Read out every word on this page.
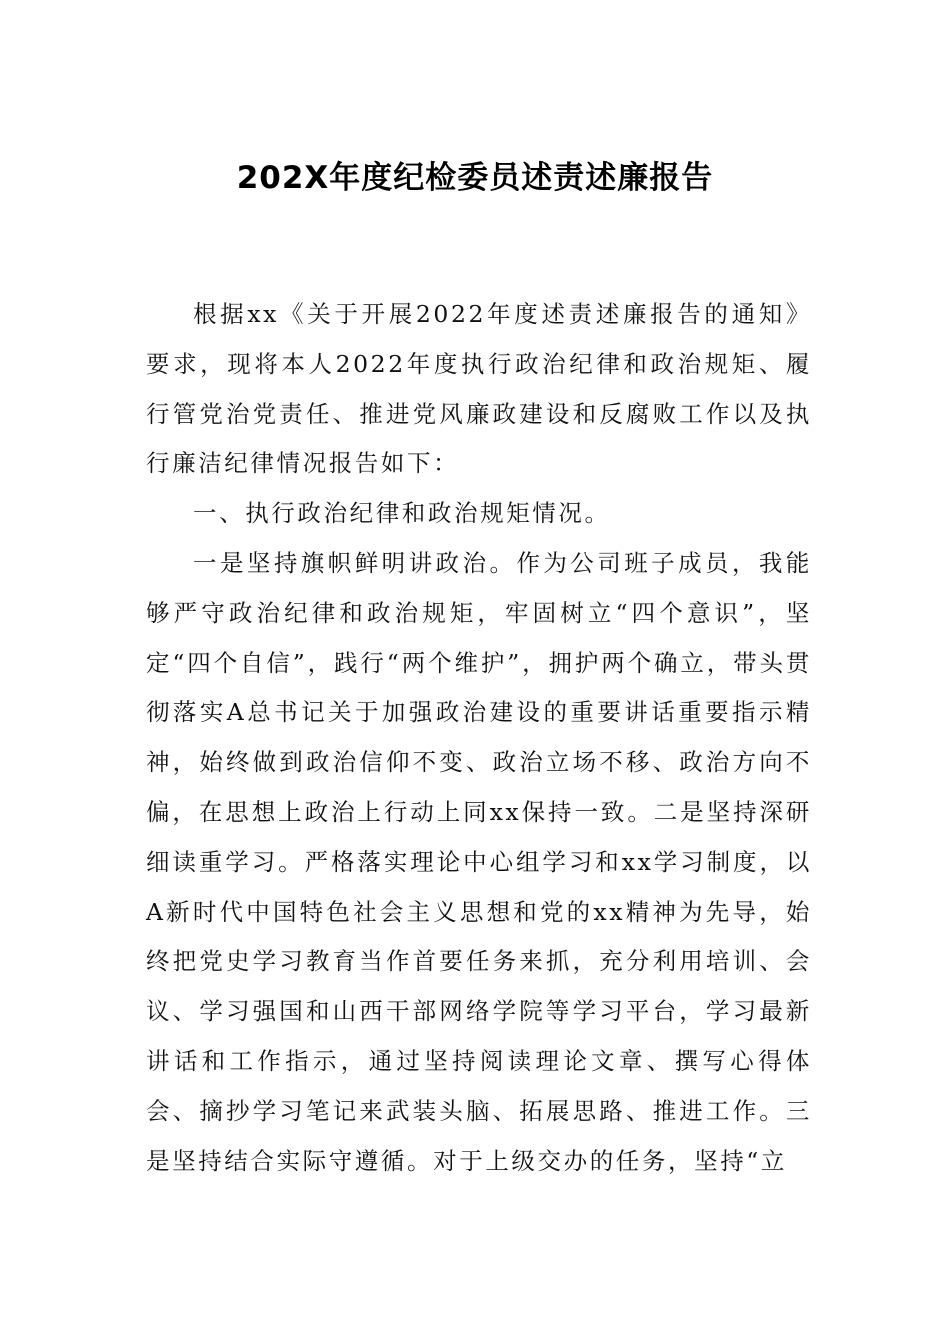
202X年度纪检委员述责述廉报告

根据xx《关于开展2022年度述责述廉报告的通知》要求，现将本人2022年度执行政治纪律和政治规矩、履行管党治党责任、推进党风廉政建设和反腐败工作以及执行廉洁纪律情况报告如下：

一、执行政治纪律和政治规矩情况。

一是坚持旗帜鲜明讲政治。作为公司班子成员，我能够严守政治纪律和政治规矩，牢固树立“四个意识”，坚定“四个自信”，践行“两个维护”，拥护两个确立，带头贯彻落实A总书记关于加强政治建设的重要讲话重要指示精神，始终做到政治信仰不变、政治立场不移、政治方向不偏，在思想上政治上行动上同xx保持一致。二是坚持深研细读重学习。严格落实理论中心组学习和xx学习制度，以A新时代中国特色社会主义思想和党的xx精神为先导，始终把党史学习教育当作首要任务来抓，充分利用培训、会议、学习强国和山西干部网络学院等学习平台，学习最新讲话和工作指示，通过坚持阅读理论文章、撰写心得体会、摘抄学习笔记来武装头脑、拓展思路、推进工作。三是坚持结合实际守遵循。对于上级交办的任务，坚持“立
